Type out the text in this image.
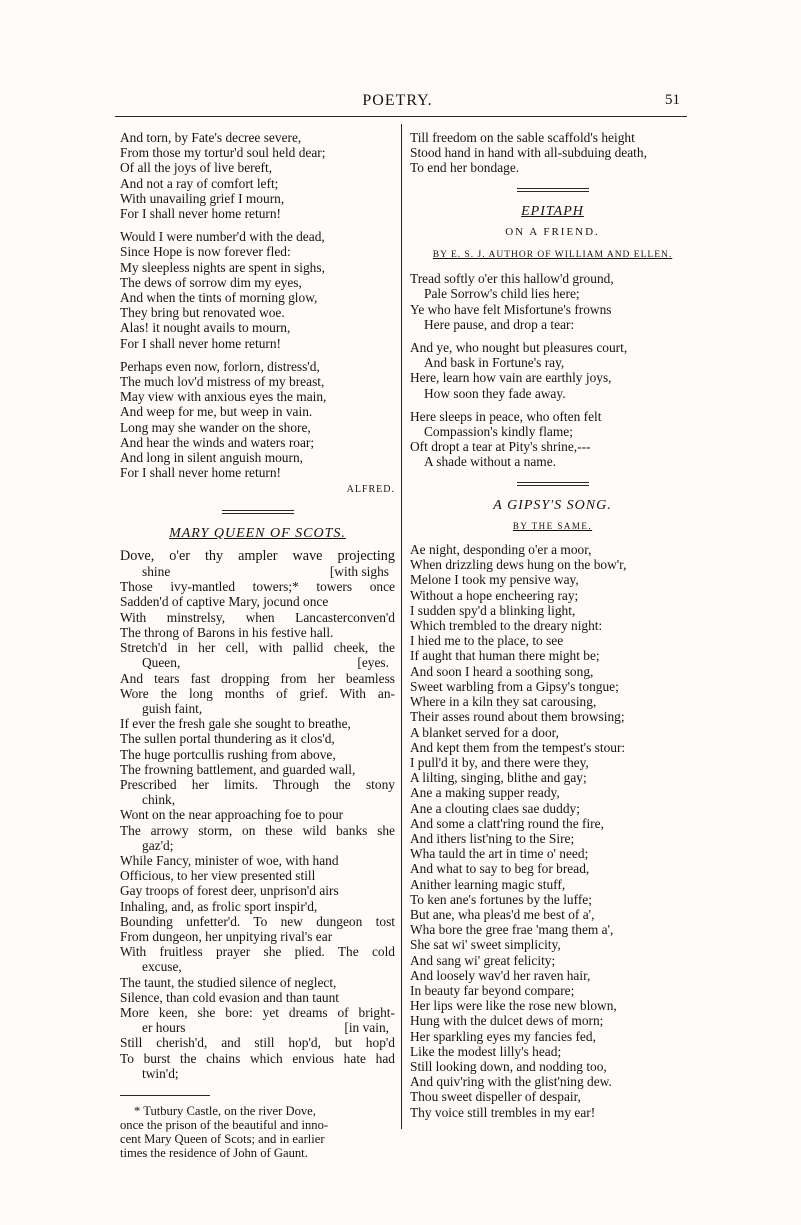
POETRY.	51
And torn, by Fate's decree severe,
From those my tortur'd soul held dear;
Of all the joys of live bereft,
And not a ray of comfort left;
With unavailing grief I mourn,
For I shall never home return!
Would I were number'd with the dead,
Since Hope is now forever fled:
My sleepless nights are spent in sighs,
The dews of sorrow dim my eyes,
And when the tints of morning glow,
They bring but renovated woe.
Alas! it nought avails to mourn,
For I shall never home return!
Perhaps even now, forlorn, distress'd,
The much lov'd mistress of my breast,
May view with anxious eyes the main,
And weep for me, but weep in vain.
Long may she wander on the shore,
And hear the winds and waters roar;
And long in silent anguish mourn,
For I shall never home return!
ALFRED.
MARY QUEEN OF SCOTS.
Dove, o'er thy ampler wave projecting
shine	[with sighs
Those ivy-mantled towers;* towers once
Sadden'd of captive Mary, jocund once
With minstrelsy, when Lancasterconven'd
The throng of Barons in his festive hall.
Stretch'd in her cell, with pallid cheek, the
Queen,	[eyes.
And tears fast dropping from her beamless
Wore the long months of grief. With an-
guish faint,
If ever the fresh gale she sought to breathe,
The sullen portal thundering as it clos'd,
The huge portcullis rushing from above,
The frowning battlement, and guarded wall,
Prescribed her limits. Through the stony
chink,
Wont on the near approaching foe to pour
The arrowy storm, on these wild banks she
gaz'd;
While Fancy, minister of woe, with hand
Officious, to her view presented still
Gay troops of forest deer, unprison'd airs
Inhaling, and, as frolic sport inspir'd,
Bounding unfetter'd. To new dungeon tost
From dungeon, her unpitying rival's ear
With fruitless prayer she plied. The cold
excuse,
The taunt, the studied silence of neglect,
Silence, than cold evasion and than taunt
More keen, she bore: yet dreams of bright-
er hours	[in vain,
Still cherish'd, and still hop'd, but hop'd
To burst the chains which envious hate had
twin'd;
* Tutbury Castle, on the river Dove,
once the prison of the beautiful and inno-
cent Mary Queen of Scots; and in earlier
times the residence of John of Gaunt.
Till freedom on the sable scaffold's height
Stood hand in hand with all-subduing death,
To end her bondage.
EPITAPH
ON A FRIEND.
BY E. S. J. AUTHOR OF WILLIAM AND ELLEN.
Tread softly o'er this hallow'd ground,
Pale Sorrow's child lies here;
Ye who have felt Misfortune's frowns
Here pause, and drop a tear:
And ye, who nought but pleasures court,
And bask in Fortune's ray,
Here, learn how vain are earthly joys,
How soon they fade away.
Here sleeps in peace, who often felt
Compassion's kindly flame;
Oft dropt a tear at Pity's shrine,---
A shade without a name.
A GIPSY'S SONG.
BY THE SAME.
Ae night, desponding o'er a moor,
When drizzling dews hung on the bow'r,
Melone I took my pensive way,
Without a hope encheering ray;
I sudden spy'd a blinking light,
Which trembled to the dreary night:
I hied me to the place, to see
If aught that human there might be;
And soon I heard a soothing song,
Sweet warbling from a Gipsy's tongue;
Where in a kiln they sat carousing,
Their asses round about them browsing;
A blanket served for a door,
And kept them from the tempest's stour:
I pull'd it by, and there were they,
A lilting, singing, blithe and gay;
Ane a making supper ready,
Ane a clouting claes sae duddy;
And some a clatt'ring round the fire,
And ithers list'ning to the Sire;
Wha tauld the art in time o' need;
And what to say to beg for bread,
Anither learning magic stuff,
To ken ane's fortunes by the luffe;
But ane, wha pleas'd me best of a',
Wha bore the gree frae 'mang them a',
She sat wi' sweet simplicity,
And sang wi' great felicity;
And loosely wav'd her raven hair,
In beauty far beyond compare;
Her lips were like the rose new blown,
Hung with the dulcet dews of morn;
Her sparkling eyes my fancies fed,
Like the modest lilly's head;
Still looking down, and nodding too,
And quiv'ring with the glist'ning dew.
Thou sweet dispeller of despair,
Thy voice still trembles in my ear!
